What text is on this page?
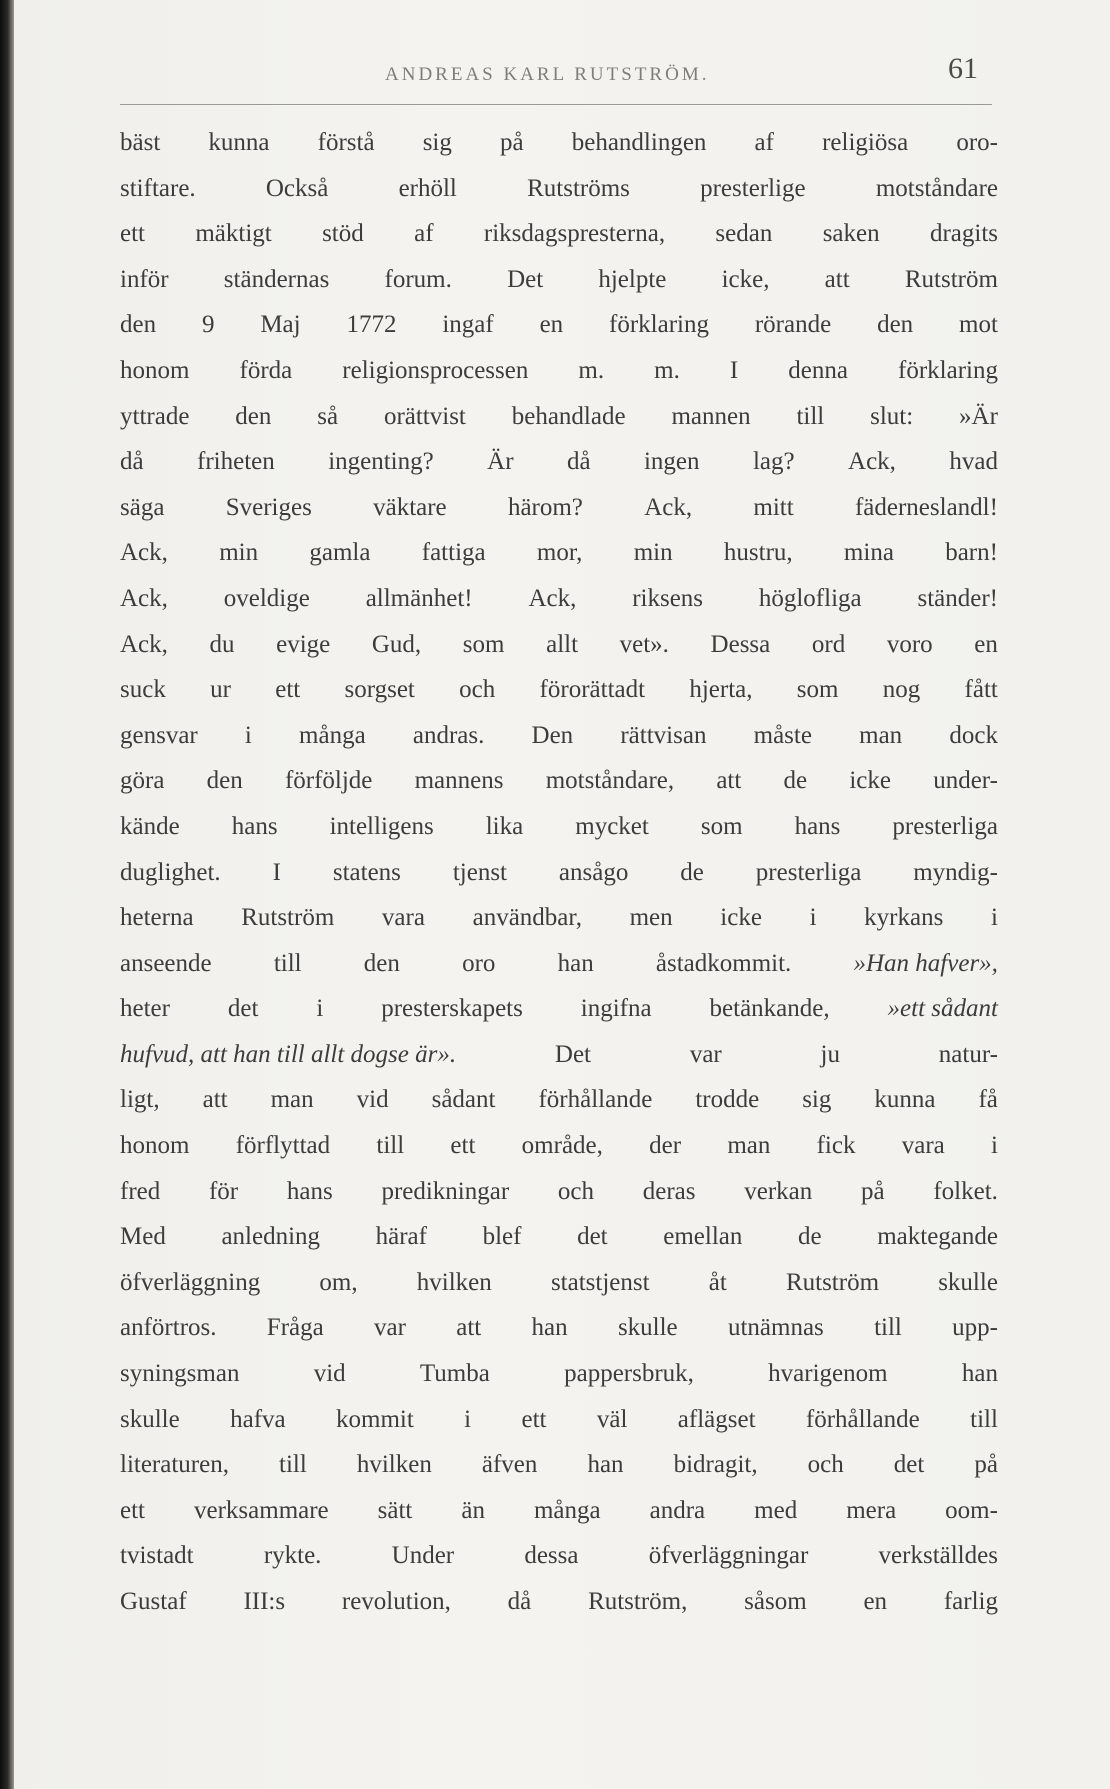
ANDREAS KARL RUTSTRÖM.	61
bäst kunna förstå sig på behandlingen af religiösa oro-
stiftare.	Också	erhöll	Rutströms	presterlige	motståndare
ett mäktigt stöd af riksdagspresterna, sedan saken dragits
inför ständernas forum. Det hjelpte icke, att Rutström
den 9 Maj 1772 ingaf en förklaring rörande den mot
honom förda religionsprocessen m. m. I denna förklaring
yttrade den så orättvist behandlade mannen till slut: »Är
då friheten ingenting? Är då ingen lag? Ack, hvad
säga Sveriges väktare härom? Ack, mitt fäderneslandl!
Ack, min gamla fattiga mor, min hustru, mina barn!
Ack, oveldige allmänhet! Ack, riksens höglofliga ständer!
Ack, du evige Gud, som allt vet». Dessa ord voro en
suck ur ett sorgset och förorättadt hjerta, som nog fått
gensvar i många andras. Den rättvisan måste man dock
göra den förföljde mannens motståndare, att de icke under-
kände hans intelligens lika mycket som hans presterliga
duglighet. I statens tjenst ansågo de presterliga myndig-
heterna Rutström vara användbar, men icke i kyrkans i
anseende till den oro han åstadkommit. »Han hafver»,
heter det i presterskapets ingifna betänkande, »ett sådant
hufvud, att han till allt dogse är».	Det	var	ju	natur-
ligt, att man vid sådant förhållande trodde sig kunna få
honom förflyttad till ett område, der man fick vara i
fred för hans predikningar och deras verkan på folket.
Med anledning häraf blef det emellan de maktegande
öfverläggning om, hvilken statstjenst åt Rutström skulle
anförtros. Fråga var att han skulle utnämnas till upp-
syningsman	vid	Tumba	pappersbruk,	hvarigenom	han
skulle hafva kommit i ett väl aflägset förhållande till
literaturen, till hvilken äfven han bidragit, och det på
ett verksammare sätt än många andra med mera oom-
tvistadt	rykte.	Under	dessa	öfverläggningar	verkställdes
Gustaf III:s revolution, då Rutström, såsom en farlig
